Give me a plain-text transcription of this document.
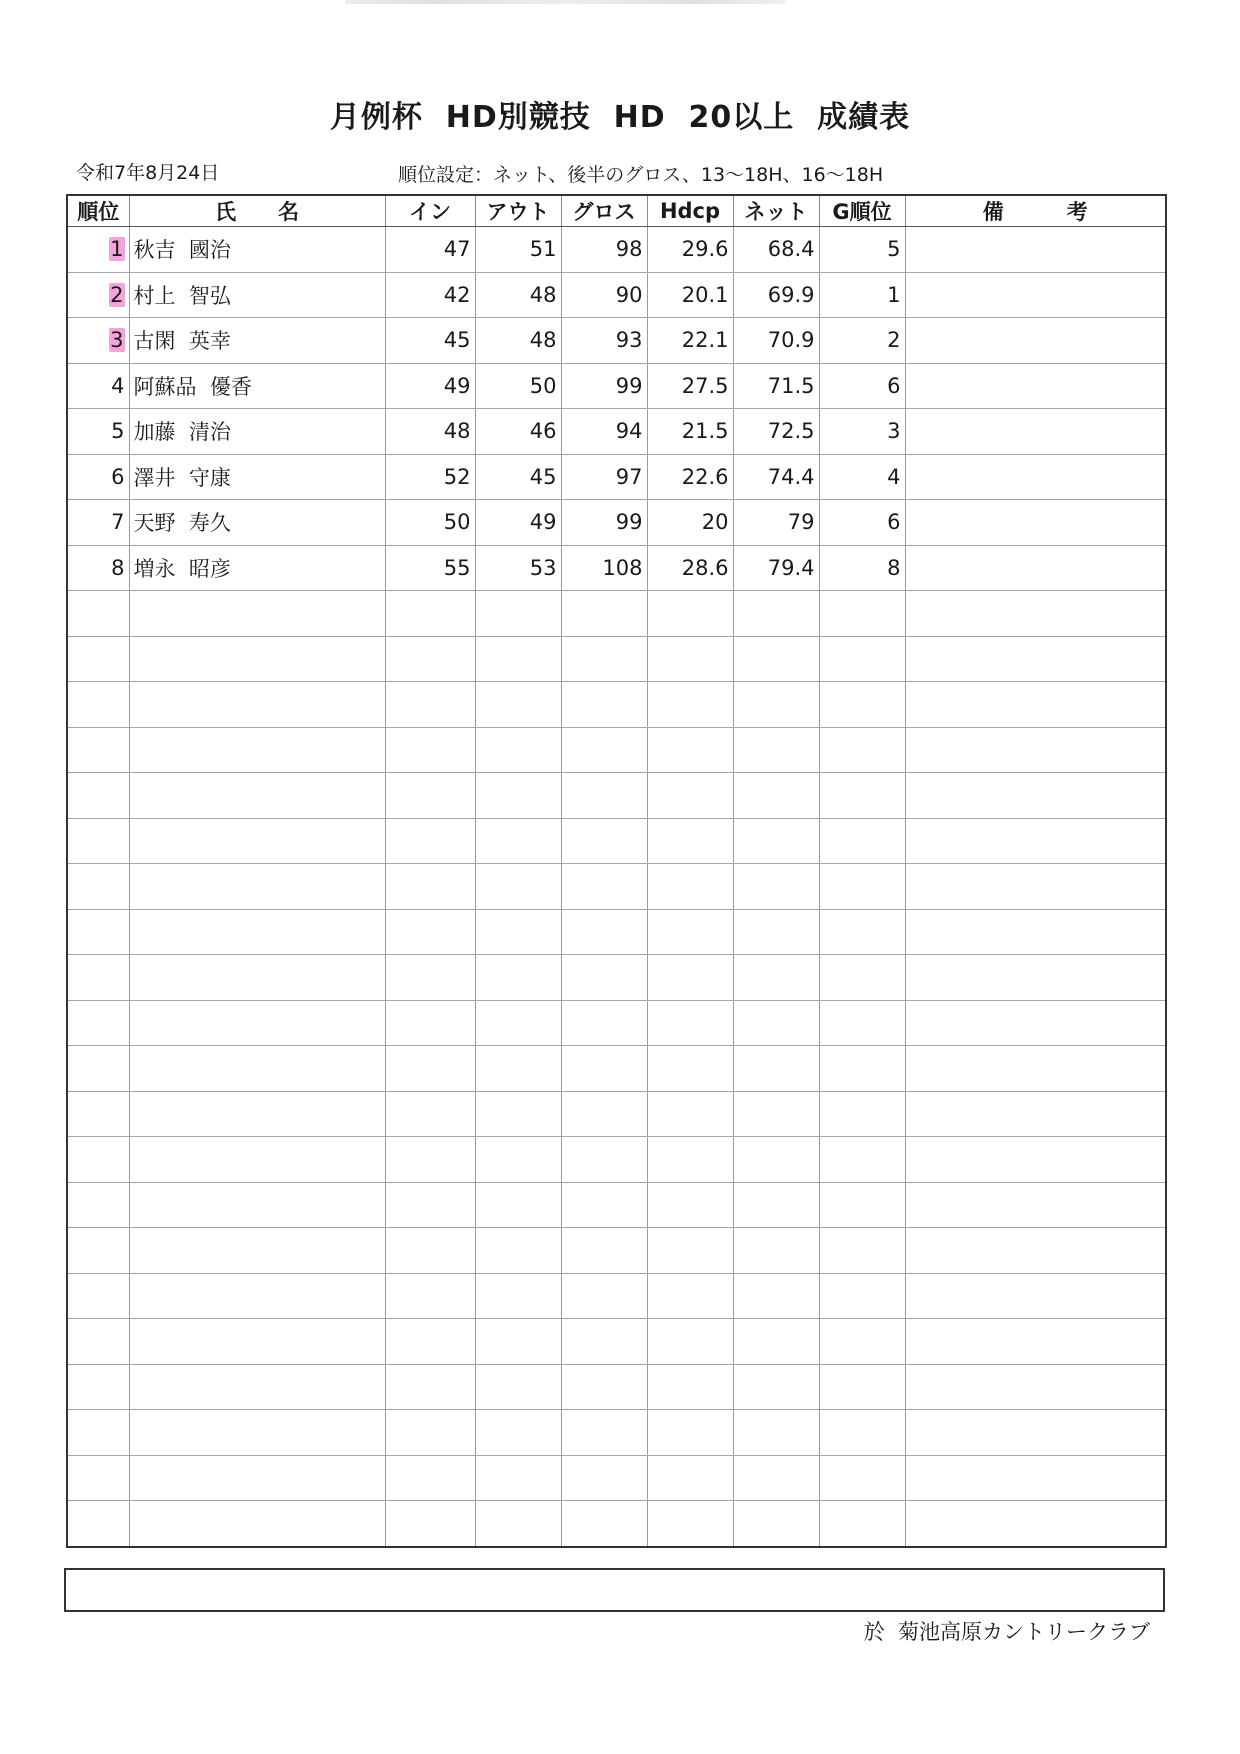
月例杯  HD別競技  HD  20以上  成績表
令和7年8月24日	順位設定：ネット、後半のグロス、13～18H、16～18H
順位	氏　　名	イン	アウト	グロス	Hdcp	ネット	G順位	備　　　考
1	秋吉  國治	47	51	98	29.6	68.4	5	
2	村上  智弘	42	48	90	20.1	69.9	1	
3	古閑  英幸	45	48	93	22.1	70.9	2	
4	阿蘇品  優香	49	50	99	27.5	71.5	6	
5	加藤  清治	48	46	94	21.5	72.5	3	
6	澤井  守康	52	45	97	22.6	74.4	4	
7	天野  寿久	50	49	99	20	79	6	
8	増永  昭彦	55	53	108	28.6	79.4	8	

於  菊池高原カントリークラブ
